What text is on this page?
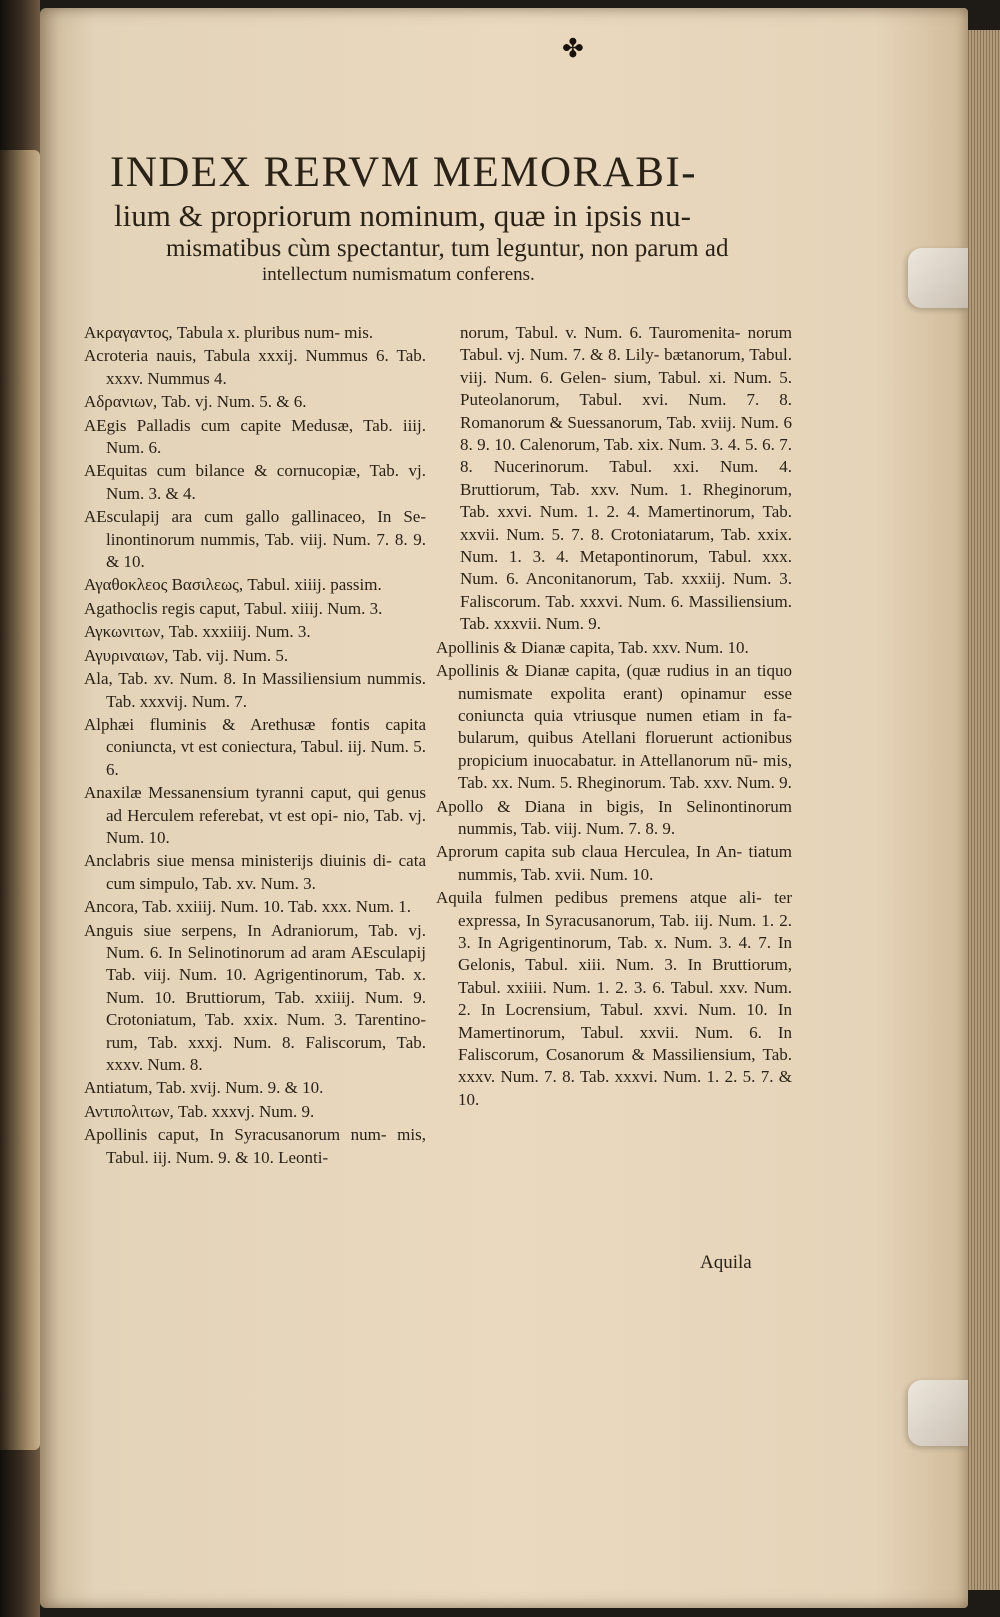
✤
INDEX RERVM MEMORABI-
lium & propriorum nominum, quæ in ipsis nu-
mismatibus cùm spectantur, tum leguntur, non parum ad
intellectum numismatum conferens.
Ακραγαντος, Tabula x. pluribus num- mis.
Acroteria nauis, Tabula xxxij. Nummus 6. Tab. xxxv. Nummus 4.
Αδρανιων, Tab. vj. Num. 5. & 6.
AEgis Palladis cum capite Medusæ, Tab. iiij. Num. 6.
AEquitas cum bilance & cornucopiæ, Tab. vj. Num. 3. & 4.
AEsculapij ara cum gallo gallinaceo, In Se- linontinorum nummis, Tab. viij. Num. 7. 8. 9. & 10.
Αγαθοκλεος Βασιλεως, Tabul. xiiij. passim.
Agathoclis regis caput, Tabul. xiiij. Num. 3.
Αγκωνιτων, Tab. xxxiiij. Num. 3.
Αγυριναιων, Tab. vij. Num. 5.
Ala, Tab. xv. Num. 8. In Massiliensium nummis. Tab. xxxvij. Num. 7.
Alphæi fluminis & Arethusæ fontis capita coniuncta, vt est coniectura, Tabul. iij. Num. 5. 6.
Anaxilæ Messanensium tyranni caput, qui genus ad Herculem referebat, vt est opi- nio, Tab. vj. Num. 10.
Anclabris siue mensa ministerijs diuinis di- cata cum simpulo, Tab. xv. Num. 3.
Ancora, Tab. xxiiij. Num. 10. Tab. xxx. Num. 1.
Anguis siue serpens, In Adraniorum, Tab. vj. Num. 6. In Selinotinorum ad aram AEsculapij Tab. viij. Num. 10. Agrigentinorum, Tab. x. Num. 10. Bruttiorum, Tab. xxiiij. Num. 9. Crotoniatum, Tab. xxix. Num. 3. Tarentino- rum, Tab. xxxj. Num. 8. Faliscorum, Tab. xxxv. Num. 8.
Antiatum, Tab. xvij. Num. 9. & 10.
Αντιπολιτων, Tab. xxxvj. Num. 9.
Apollinis caput, In Syracusanorum num- mis, Tabul. iij. Num. 9. & 10. Leonti-
norum, Tabul. v. Num. 6. Tauromenita- norum Tabul. vj. Num. 7. & 8. Lily- bætanorum, Tabul. viij. Num. 6. Gelen- sium, Tabul. xi. Num. 5. Puteolanorum, Tabul. xvi. Num. 7. 8. Romanorum & Suessanorum, Tab. xviij. Num. 6 8. 9. 10. Calenorum, Tab. xix. Num. 3. 4. 5. 6. 7. 8. Nucerinorum. Tabul. xxi. Num. 4. Bruttiorum, Tab. xxv. Num. 1. Rheginorum, Tab. xxvi. Num. 1. 2. 4. Mamertinorum, Tab. xxvii. Num. 5. 7. 8. Crotoniatarum, Tab. xxix. Num. 1. 3. 4. Metapontinorum, Tabul. xxx. Num. 6. Anconitanorum, Tab. xxxiij. Num. 3. Faliscorum. Tab. xxxvi. Num. 6. Massiliensium. Tab. xxxvii. Num. 9.
Apollinis & Dianæ capita, Tab. xxv. Num. 10.
Apollinis & Dianæ capita, (quæ rudius in an tiquo numismate expolita erant) opinamur esse coniuncta quia vtriusque numen etiam in fa- bularum, quibus Atellani floruerunt actionibus propicium inuocabatur. in Attellanorum nū- mis, Tab. xx. Num. 5. Rheginorum. Tab. xxv. Num. 9.
Apollo & Diana in bigis, In Selinontinorum nummis, Tab. viij. Num. 7. 8. 9.
Aprorum capita sub claua Herculea, In An- tiatum nummis, Tab. xvii. Num. 10.
Aquila fulmen pedibus premens atque ali- ter expressa, In Syracusanorum, Tab. iij. Num. 1. 2. 3. In Agrigentinorum, Tab. x. Num. 3. 4. 7. In Gelonis, Tabul. xiii. Num. 3. In Bruttiorum, Tabul. xxiiii. Num. 1. 2. 3. 6. Tabul. xxv. Num. 2. In Locrensium, Tabul. xxvi. Num. 10. In Mamertinorum, Tabul. xxvii. Num. 6. In Faliscorum, Cosanorum & Massiliensium, Tab. xxxv. Num. 7. 8. Tab. xxxvi. Num. 1. 2. 5. 7. & 10.
Aquila
